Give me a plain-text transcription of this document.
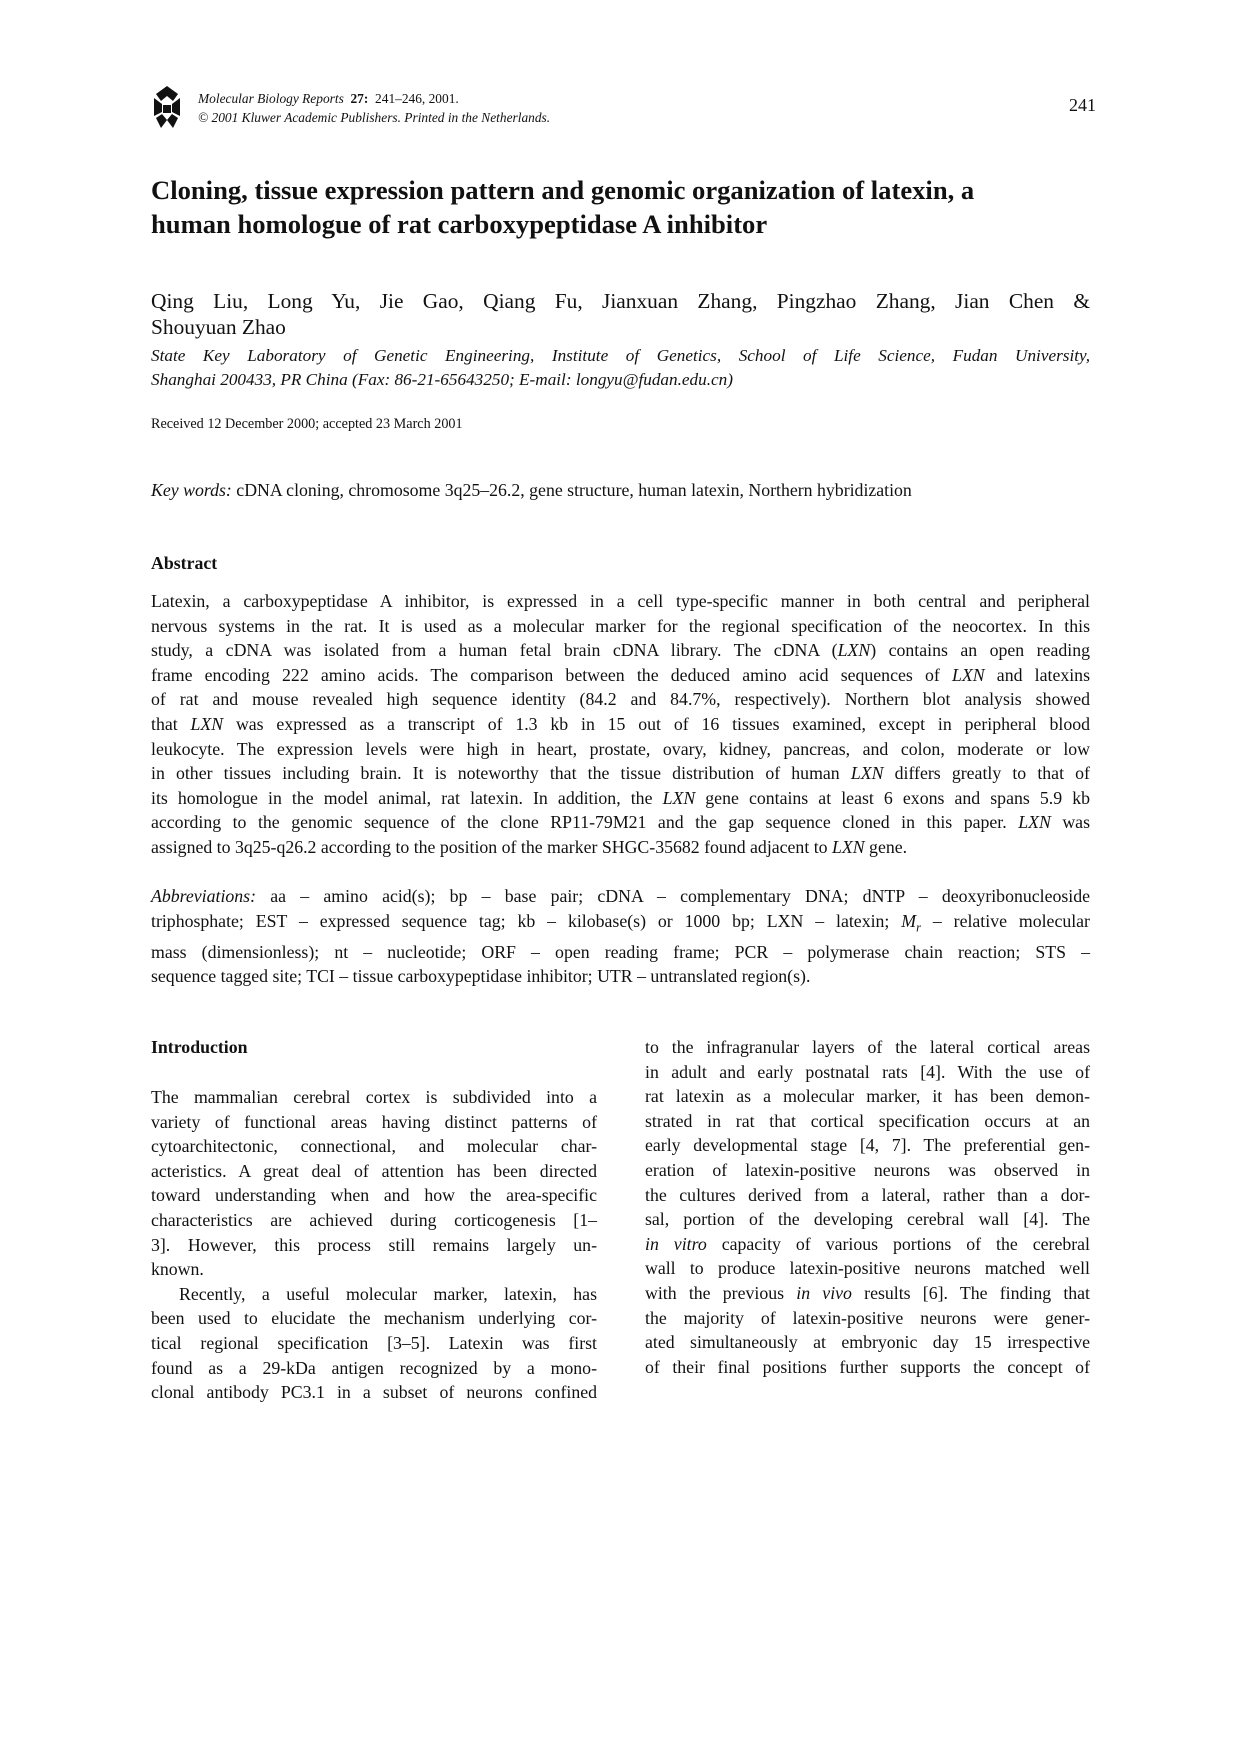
Molecular Biology Reports 27: 241–246, 2001.
© 2001 Kluwer Academic Publishers. Printed in the Netherlands.
241
Cloning, tissue expression pattern and genomic organization of latexin, a
human homologue of rat carboxypeptidase A inhibitor
Qing Liu, Long Yu, Jie Gao, Qiang Fu, Jianxuan Zhang, Pingzhao Zhang, Jian Chen &
Shouyuan Zhao
State Key Laboratory of Genetic Engineering, Institute of Genetics, School of Life Science, Fudan University,
Shanghai 200433, PR China (Fax: 86-21-65643250; E-mail: longyu@fudan.edu.cn)
Received 12 December 2000; accepted 23 March 2001
Key words: cDNA cloning, chromosome 3q25–26.2, gene structure, human latexin, Northern hybridization
Abstract
Latexin, a carboxypeptidase A inhibitor, is expressed in a cell type-specific manner in both central and peripheral
nervous systems in the rat. It is used as a molecular marker for the regional specification of the neocortex. In this
study, a cDNA was isolated from a human fetal brain cDNA library. The cDNA (LXN) contains an open reading
frame encoding 222 amino acids. The comparison between the deduced amino acid sequences of LXN and latexins
of rat and mouse revealed high sequence identity (84.2 and 84.7%, respectively). Northern blot analysis showed
that LXN was expressed as a transcript of 1.3 kb in 15 out of 16 tissues examined, except in peripheral blood
leukocyte. The expression levels were high in heart, prostate, ovary, kidney, pancreas, and colon, moderate or low
in other tissues including brain. It is noteworthy that the tissue distribution of human LXN differs greatly to that of
its homologue in the model animal, rat latexin. In addition, the LXN gene contains at least 6 exons and spans 5.9 kb
according to the genomic sequence of the clone RP11-79M21 and the gap sequence cloned in this paper. LXN was
assigned to 3q25-q26.2 according to the position of the marker SHGC-35682 found adjacent to LXN gene.
Abbreviations: aa – amino acid(s); bp – base pair; cDNA – complementary DNA; dNTP – deoxyribonucleoside
triphosphate; EST – expressed sequence tag; kb – kilobase(s) or 1000 bp; LXN – latexin; $M_r$ – relative molecular
mass (dimensionless); nt – nucleotide; ORF – open reading frame; PCR – polymerase chain reaction; STS –
sequence tagged site; TCI – tissue carboxypeptidase inhibitor; UTR – untranslated region(s).
Introduction
The mammalian cerebral cortex is subdivided into a
variety of functional areas having distinct patterns of
cytoarchitectonic, connectional, and molecular char-
acteristics. A great deal of attention has been directed
toward understanding when and how the area-specific
characteristics are achieved during corticogenesis [1–
3]. However, this process still remains largely un-
known.
Recently, a useful molecular marker, latexin, has
been used to elucidate the mechanism underlying cor-
tical regional specification [3–5]. Latexin was first
found as a 29-kDa antigen recognized by a mono-
clonal antibody PC3.1 in a subset of neurons confined
to the infragranular layers of the lateral cortical areas
in adult and early postnatal rats [4]. With the use of
rat latexin as a molecular marker, it has been demon-
strated in rat that cortical specification occurs at an
early developmental stage [4, 7]. The preferential gen-
eration of latexin-positive neurons was observed in
the cultures derived from a lateral, rather than a dor-
sal, portion of the developing cerebral wall [4]. The
in vitro capacity of various portions of the cerebral
wall to produce latexin-positive neurons matched well
with the previous in vivo results [6]. The finding that
the majority of latexin-positive neurons were gener-
ated simultaneously at embryonic day 15 irrespective
of their final positions further supports the concept of
